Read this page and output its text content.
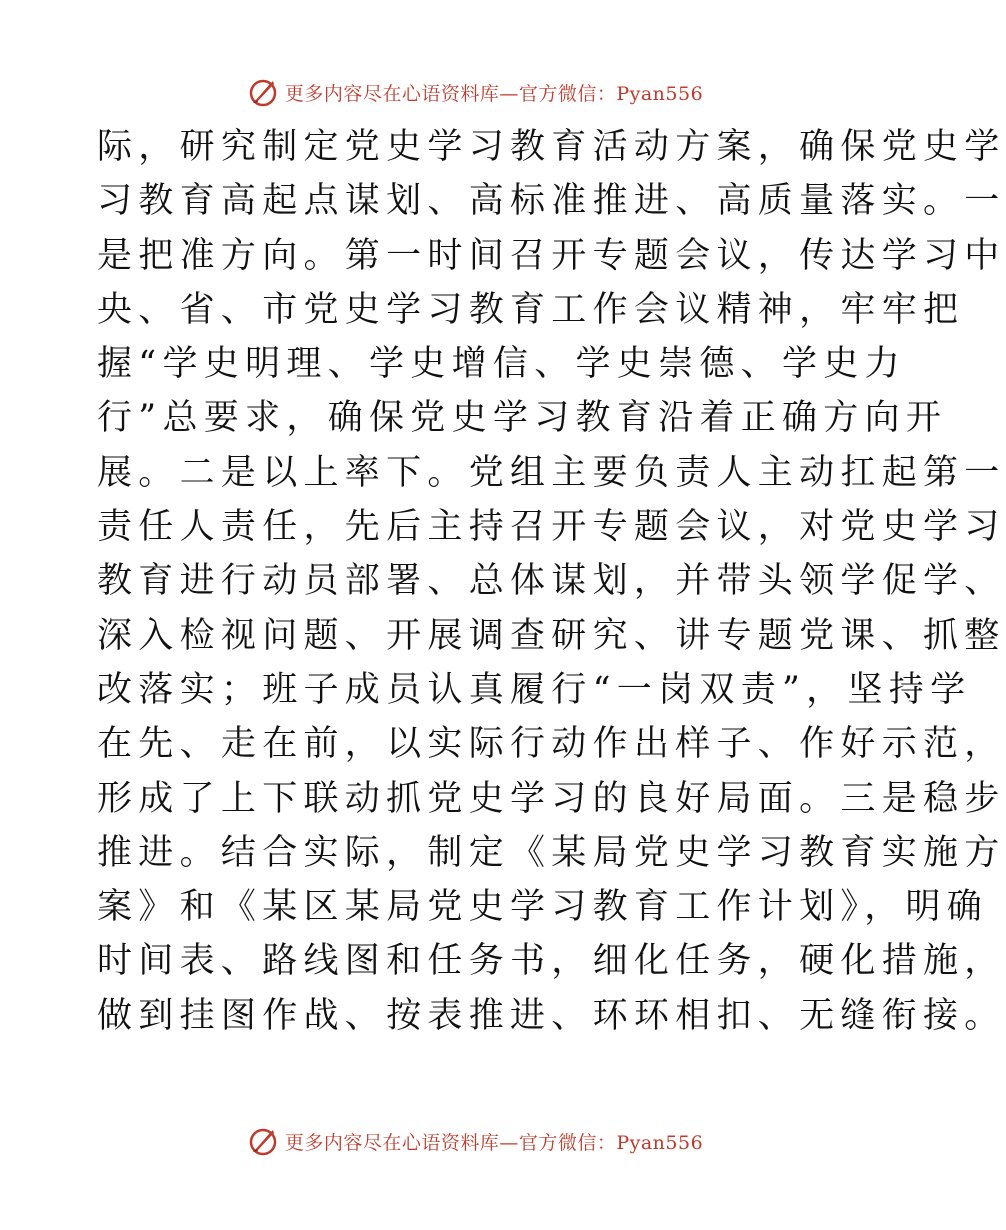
更多内容尽在心语资料库—官方微信：Pyan556
际，研究制定党史学习教育活动方案，确保党史学
习教育高起点谋划、高标准推进、高质量落实。一
是把准方向。第一时间召开专题会议，传达学习中
央、省、市党史学习教育工作会议精神，牢牢把
握“学史明理、学史增信、学史崇德、学史力
行”总要求，确保党史学习教育沿着正确方向开
展。二是以上率下。党组主要负责人主动扛起第一
责任人责任，先后主持召开专题会议，对党史学习
教育进行动员部署、总体谋划，并带头领学促学、
深入检视问题、开展调查研究、讲专题党课、抓整
改落实；班子成员认真履行“一岗双责”，坚持学
在先、走在前，以实际行动作出样子、作好示范，
形成了上下联动抓党史学习的良好局面。三是稳步
推进。结合实际，制定《某局党史学习教育实施方
案》和《某区某局党史学习教育工作计划》，明确
时间表、路线图和任务书，细化任务，硬化措施，
做到挂图作战、按表推进、环环相扣、无缝衔接。
更多内容尽在心语资料库—官方微信：Pyan556
